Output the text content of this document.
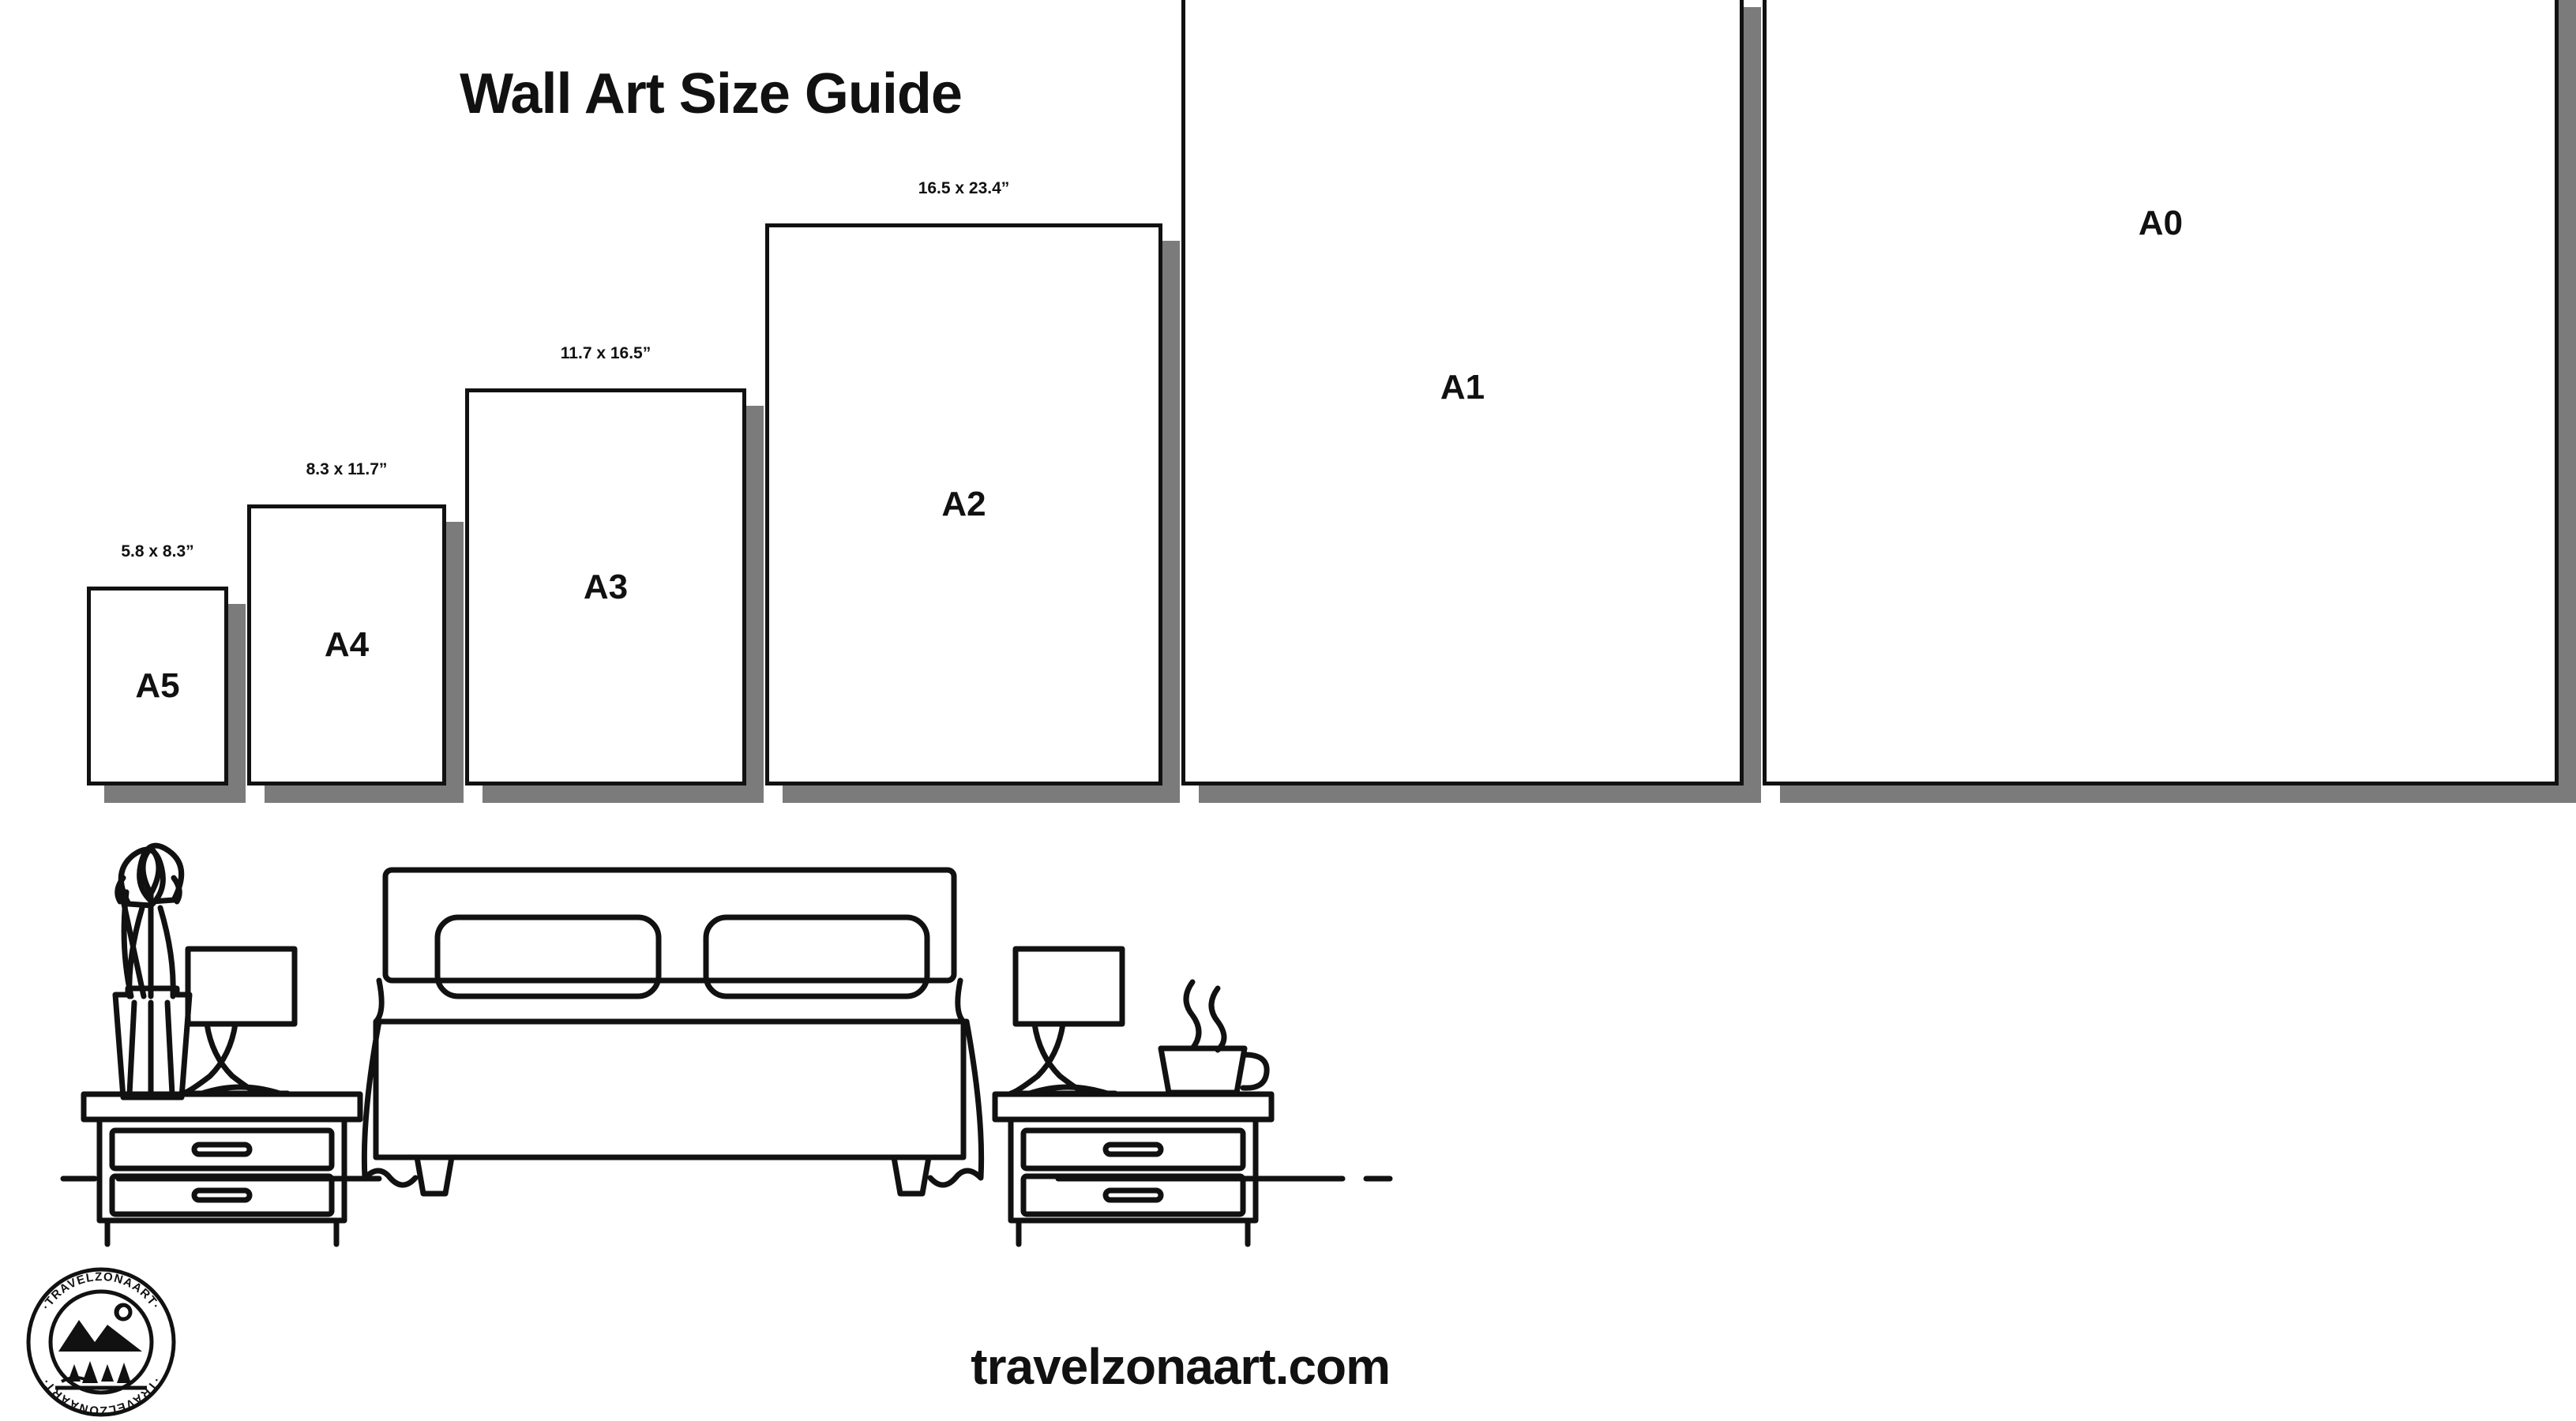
Wall Art Size Guide
5.8 x 8.3”
A5
8.3 x 11.7”
A4
11.7 x 16.5”
A3
16.5 x 23.4”
A2
A1
A0
·TRAVELZONAART·
·TRAVELZONAART·	travelzonaart.com
